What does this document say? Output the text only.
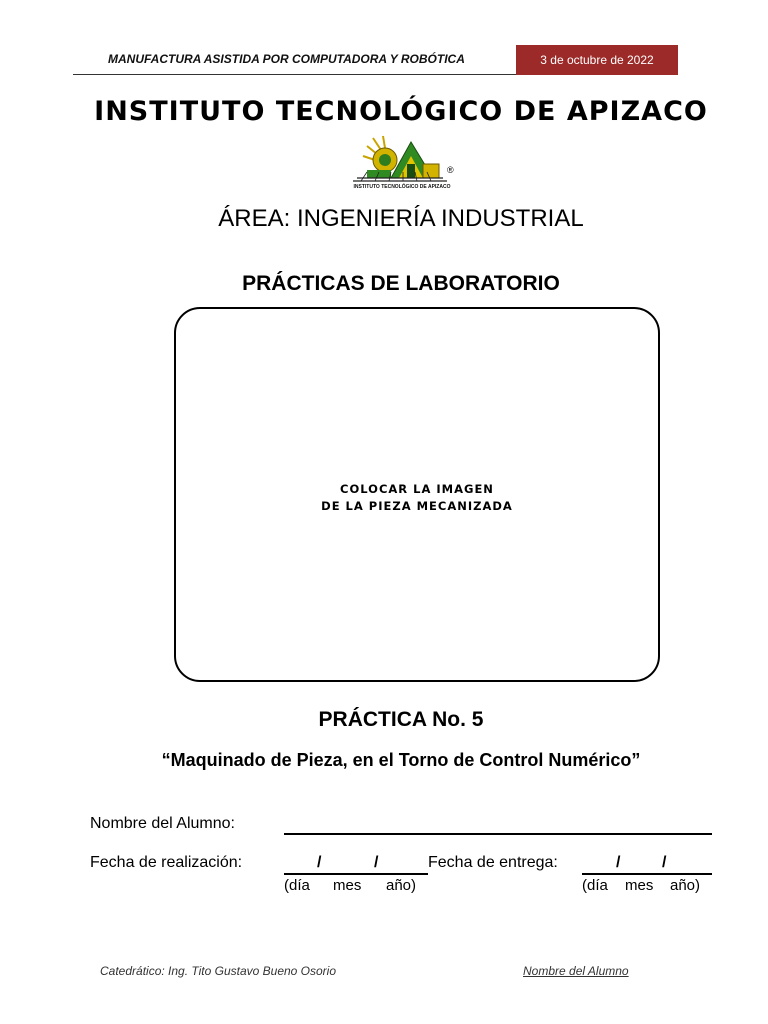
MANUFACTURA ASISTIDA POR COMPUTADORA Y ROBÓTICA	3 de octubre de 2022
INSTITUTO TECNOLÓGICO DE APIZACO
®
INSTITUTO TECNOLÓGICO DE APIZACO
ÁREA: INGENIERÍA INDUSTRIAL
PRÁCTICAS DE LABORATORIO
COLOCAR LA IMAGEN
DE LA PIEZA MECANIZADA
PRÁCTICA No. 5
“Maquinado de Pieza, en el Torno de Control Numérico”
Nombre del Alumno:
Fecha de realización:	/	/
(día mes año)
Fecha de entrega:	/	/
(día mes año)
Catedrático: Ing. Tito Gustavo Bueno Osorio	Nombre del Alumno
